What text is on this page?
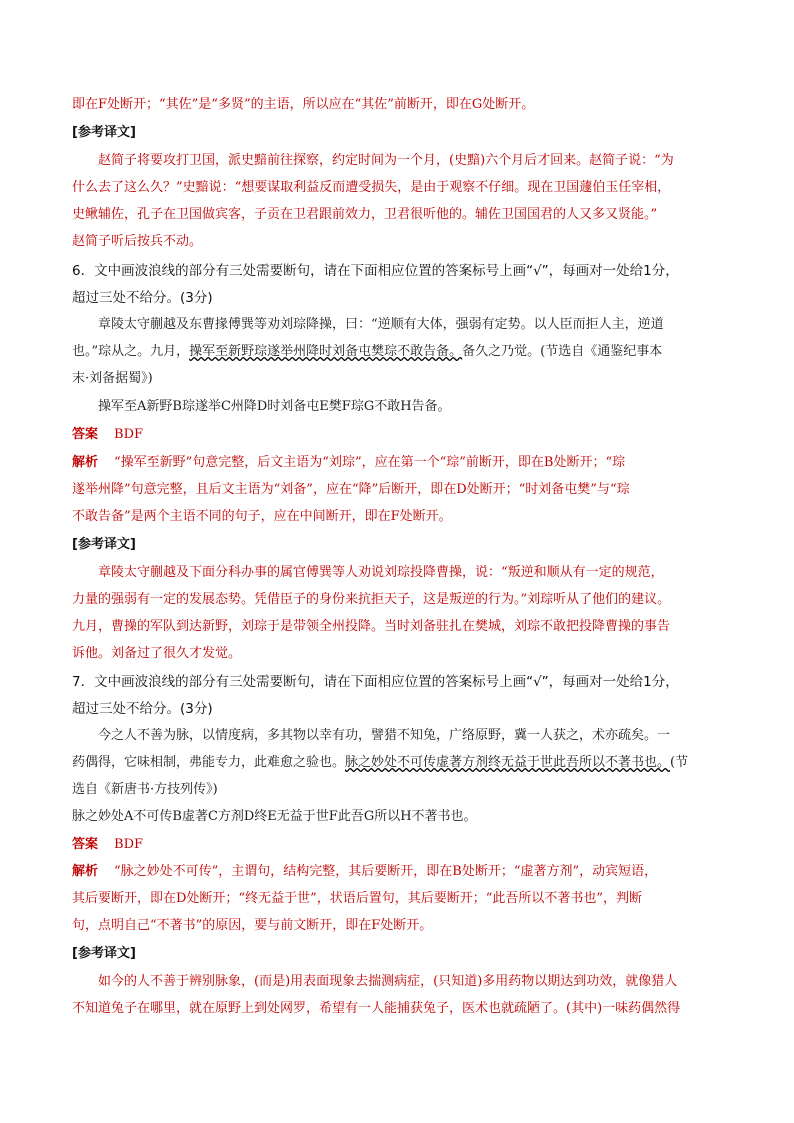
即在F处断开；“其佐”是“多贤”的主语，所以应在“其佐”前断开，即在G处断开。
[参考译文]
赵简子将要攻打卫国，派史黯前往探察，约定时间为一个月，(史黯)六个月后才回来。赵简子说：“为
什么去了这么久？”史黯说：“想要谋取利益反而遭受损失，是由于观察不仔细。现在卫国蘧伯玉任宰相，
史鳅辅佐，孔子在卫国做宾客，子贡在卫君跟前效力，卫君很听他的。辅佐卫国国君的人又多又贤能。”
赵简子听后按兵不动。
6．文中画波浪线的部分有三处需要断句，请在下面相应位置的答案标号上画“√”，每画对一处给1分，
超过三处不给分。(3分)
章陵太守蒯越及东曹掾傅巽等劝刘琮降操，曰：“逆顺有大体，强弱有定势。以人臣而拒人主，逆道
也。”琮从之。九月，操军至新野琮遂举州降时刘备屯樊琮不敢告备。备久之乃觉。(节选自《通鉴纪事本
末·刘备据蜀》)
操军至A新野B琮遂举C州降D时刘备屯E樊F琮G不敢H告备。
答案 BDF
解析 “操军至新野”句意完整，后文主语为“刘琮”，应在第一个“琮”前断开，即在B处断开；“琮
遂举州降”句意完整，且后文主语为“刘备”，应在“降”后断开，即在D处断开；“时刘备屯樊”与“琮
不敢告备”是两个主语不同的句子，应在中间断开，即在F处断开。
[参考译文]
章陵太守蒯越及下面分科办事的属官傅巽等人劝说刘琮投降曹操，说：“叛逆和顺从有一定的规范，
力量的强弱有一定的发展态势。凭借臣子的身份来抗拒天子，这是叛逆的行为。”刘琮听从了他们的建议。
九月，曹操的军队到达新野，刘琮于是带领全州投降。当时刘备驻扎在樊城，刘琮不敢把投降曹操的事告
诉他。刘备过了很久才发觉。
7．文中画波浪线的部分有三处需要断句，请在下面相应位置的答案标号上画“√”，每画对一处给1分，
超过三处不给分。(3分)
今之人不善为脉，以情度病，多其物以幸有功，譬猎不知兔，广络原野，冀一人获之，术亦疏矣。一
药偶得，它味相制，弗能专力，此难愈之验也。脉之妙处不可传虚著方剂终无益于世此吾所以不著书也。(节
选自《新唐书·方技列传》)
脉之妙处A不可传B虚著C方剂D终E无益于世F此吾G所以H不著书也。
答案 BDF
解析 “脉之妙处不可传”，主谓句，结构完整，其后要断开，即在B处断开；“虚著方剂”，动宾短语，
其后要断开，即在D处断开；“终无益于世”，状语后置句，其后要断开；“此吾所以不著书也”，判断
句，点明自己“不著书”的原因，要与前文断开，即在F处断开。
[参考译文]
如今的人不善于辨别脉象，(而是)用表面现象去揣测病症，(只知道)多用药物以期达到功效，就像猎人
不知道兔子在哪里，就在原野上到处网罗，希望有一人能捕获兔子，医术也就疏陋了。(其中)一味药偶然得
